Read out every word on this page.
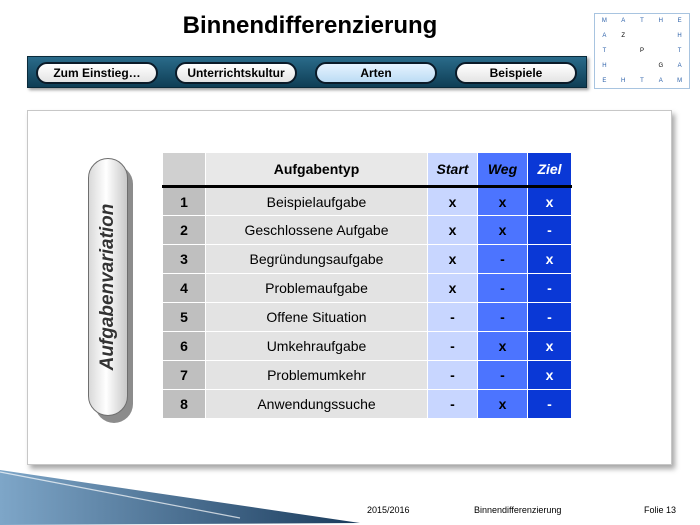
Binnendifferenzierung	M	A	T	H	E
A	Z	H
T	P	T
H	G	A
E	H	T	A	M
Zum Einstieg…	Unterrichtskultur	Arten	Beispiele
Aufgabenvariation
	Aufgabentyp	Start	Weg	Ziel
1	Beispielaufgabe	x	x	x
2	Geschlossene Aufgabe	x	x	-
3	Begründungsaufgabe	x	-	x
4	Problemaufgabe	x	-	-
5	Offene Situation	-	-	-
6	Umkehraufgabe	-	x	x
7	Problemumkehr	-	-	x
8	Anwendungssuche	-	x	-
2015/2016	Binnendifferenzierung	Folie 13
